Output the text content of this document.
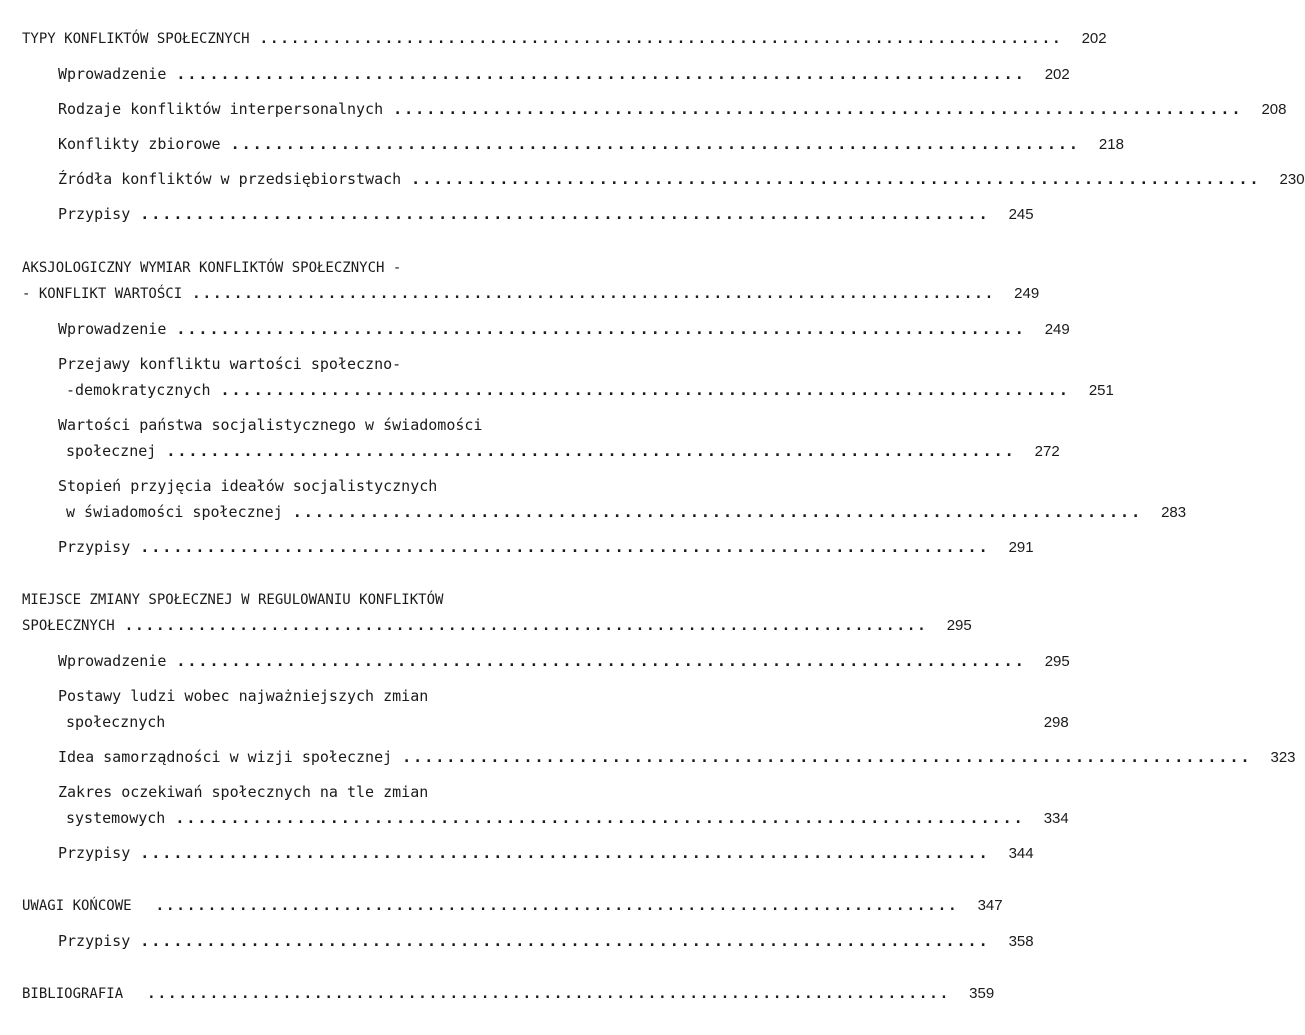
TYPY KONFLIKTÓW SPOŁECZNYCH .............................................................................	202
Wprowadzenie .............................................................................	202
Rodzaje konfliktów interpersonalnych .............................................................................	208
Konflikty zbiorowe .............................................................................	218
Źródła konfliktów w przedsiębiorstwach .............................................................................	230
Przypisy .............................................................................	245
AKSJOLOGICZNY WYMIAR KONFLIKTÓW SPOŁECZNYCH -
- KONFLIKT WARTOŚCI .............................................................................	249
Wprowadzenie .............................................................................	249
Przejawy konfliktu wartości społeczno-
-demokratycznych .............................................................................	251
Wartości państwa socjalistycznego w świadomości
społecznej .............................................................................	272
Stopień przyjęcia ideałów socjalistycznych
w świadomości społecznej .............................................................................	283
Przypisy .............................................................................	291
MIEJSCE ZMIANY SPOŁECZNEJ W REGULOWANIU KONFLIKTÓW
SPOŁECZNYCH .............................................................................	295
Wprowadzenie .............................................................................	295
Postawy ludzi wobec najważniejszych zmian
społecznych	298
Idea samorządności w wizji społecznej .............................................................................	323
Zakres oczekiwań społecznych na tle zmian
systemowych .............................................................................	334
Przypisy .............................................................................	344
UWAGI KOŃCOWE .............................................................................	347
Przypisy .............................................................................	358
BIBLIOGRAFIA .............................................................................	359
